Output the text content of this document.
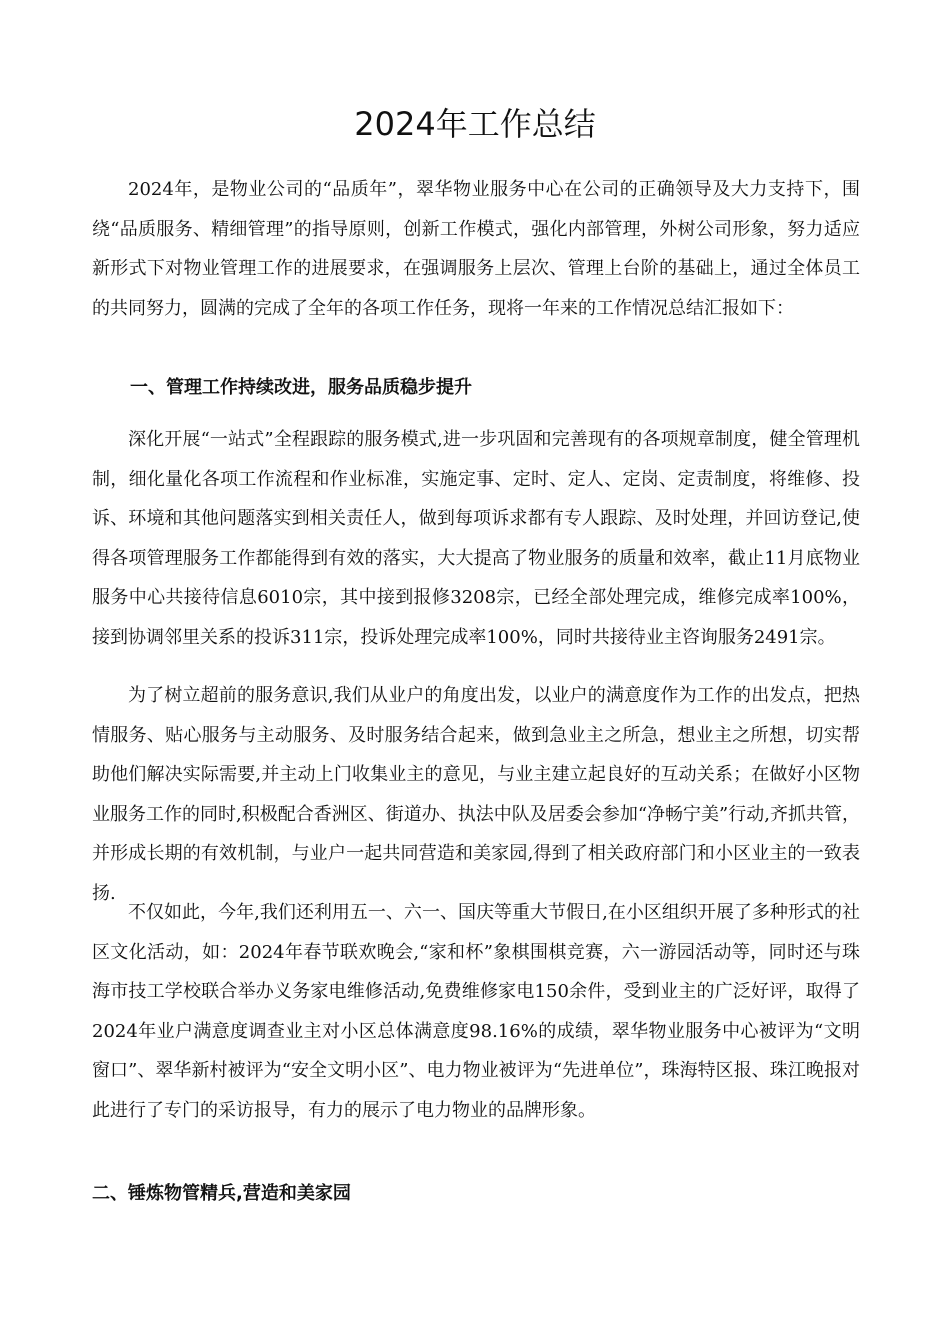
2024年工作总结

2024年，是物业公司的“品质年”，翠华物业服务中心在公司的正确领导及大力支持下，围绕“品质服务、精细管理”的指导原则，创新工作模式，强化内部管理，外树公司形象，努力适应新形式下对物业管理工作的进展要求，在强调服务上层次、管理上台阶的基础上，通过全体员工的共同努力，圆满的完成了全年的各项工作任务，现将一年来的工作情况总结汇报如下：

一、管理工作持续改进，服务品质稳步提升

深化开展“一站式”全程跟踪的服务模式,进一步巩固和完善现有的各项规章制度，健全管理机制，细化量化各项工作流程和作业标准，实施定事、定时、定人、定岗、定责制度，将维修、投诉、环境和其他问题落实到相关责任人，做到每项诉求都有专人跟踪、及时处理，并回访登记,使得各项管理服务工作都能得到有效的落实，大大提高了物业服务的质量和效率，截止11月底物业服务中心共接待信息6010宗，其中接到报修3208宗，已经全部处理完成，维修完成率100%，接到协调邻里关系的投诉311宗，投诉处理完成率100%，同时共接待业主咨询服务2491宗。

为了树立超前的服务意识,我们从业户的角度出发，以业户的满意度作为工作的出发点，把热情服务、贴心服务与主动服务、及时服务结合起来，做到急业主之所急，想业主之所想，切实帮助他们解决实际需要,并主动上门收集业主的意见，与业主建立起良好的互动关系；在做好小区物业服务工作的同时,积极配合香洲区、街道办、执法中队及居委会参加“净畅宁美”行动,齐抓共管，并形成长期的有效机制，与业户一起共同营造和美家园,得到了相关政府部门和小区业主的一致表扬.

不仅如此，今年,我们还利用五一、六一、国庆等重大节假日,在小区组织开展了多种形式的社区文化活动，如：2024年春节联欢晚会,“家和杯”象棋围棋竞赛，六一游园活动等，同时还与珠海市技工学校联合举办义务家电维修活动,免费维修家电150余件，受到业主的广泛好评，取得了2024年业户满意度调查业主对小区总体满意度98.16%的成绩，翠华物业服务中心被评为“文明窗口”、翠华新村被评为“安全文明小区”、电力物业被评为“先进单位”，珠海特区报、珠江晚报对此进行了专门的采访报导，有力的展示了电力物业的品牌形象。

二、锤炼物管精兵,营造和美家园
